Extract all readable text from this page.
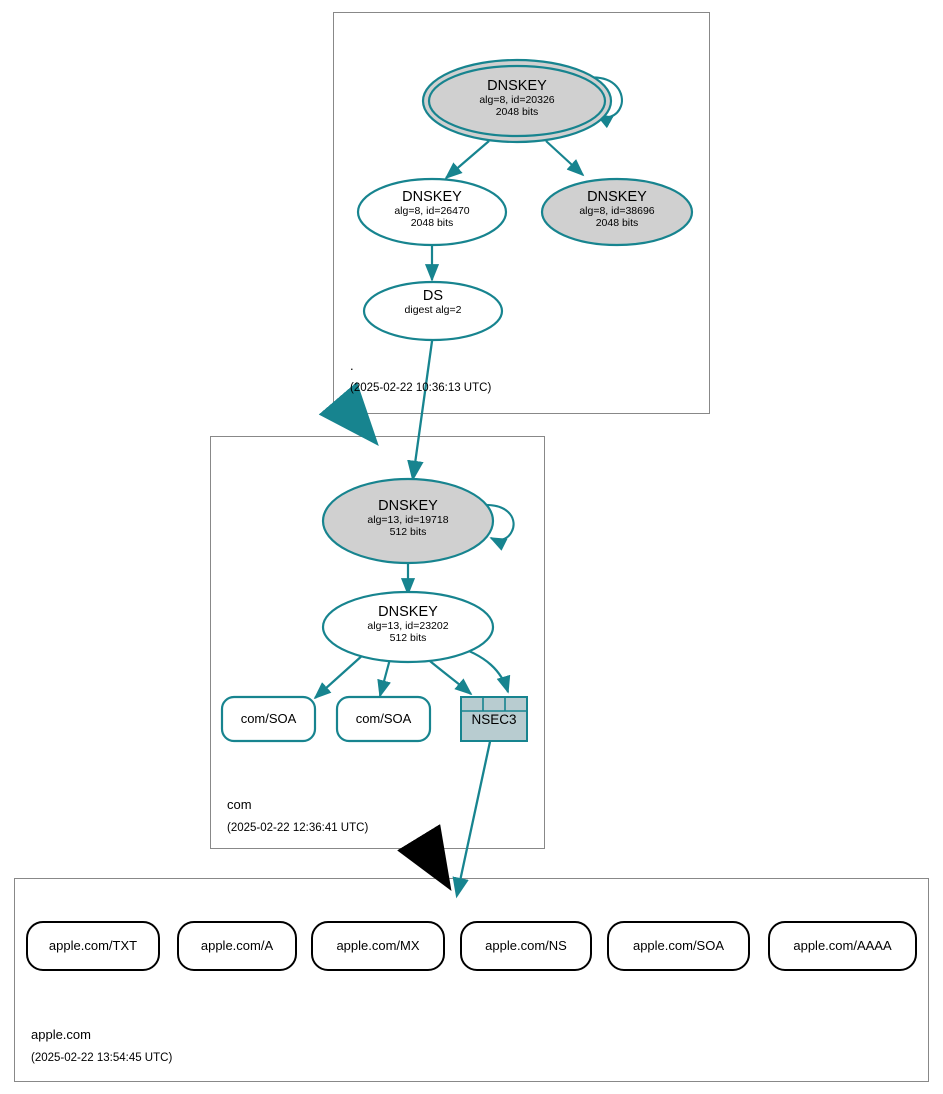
DNSKEY
alg=8, id=20326
2048 bits
DNSKEY
alg=8, id=26470
2048 bits
DNSKEY
alg=8, id=38696
2048 bits
DS
digest alg=2
DNSKEY
alg=13, id=19718
512 bits
DNSKEY
alg=13, id=23202
512 bits
com/SOA	com/SOA	NSEC3
apple.com/TXT	apple.com/A	apple.com/MX	apple.com/NS	apple.com/SOA	apple.com/AAAA
.
(2025-02-22 10:36:13 UTC)
com
(2025-02-22 12:36:41 UTC)
apple.com
(2025-02-22 13:54:45 UTC)
